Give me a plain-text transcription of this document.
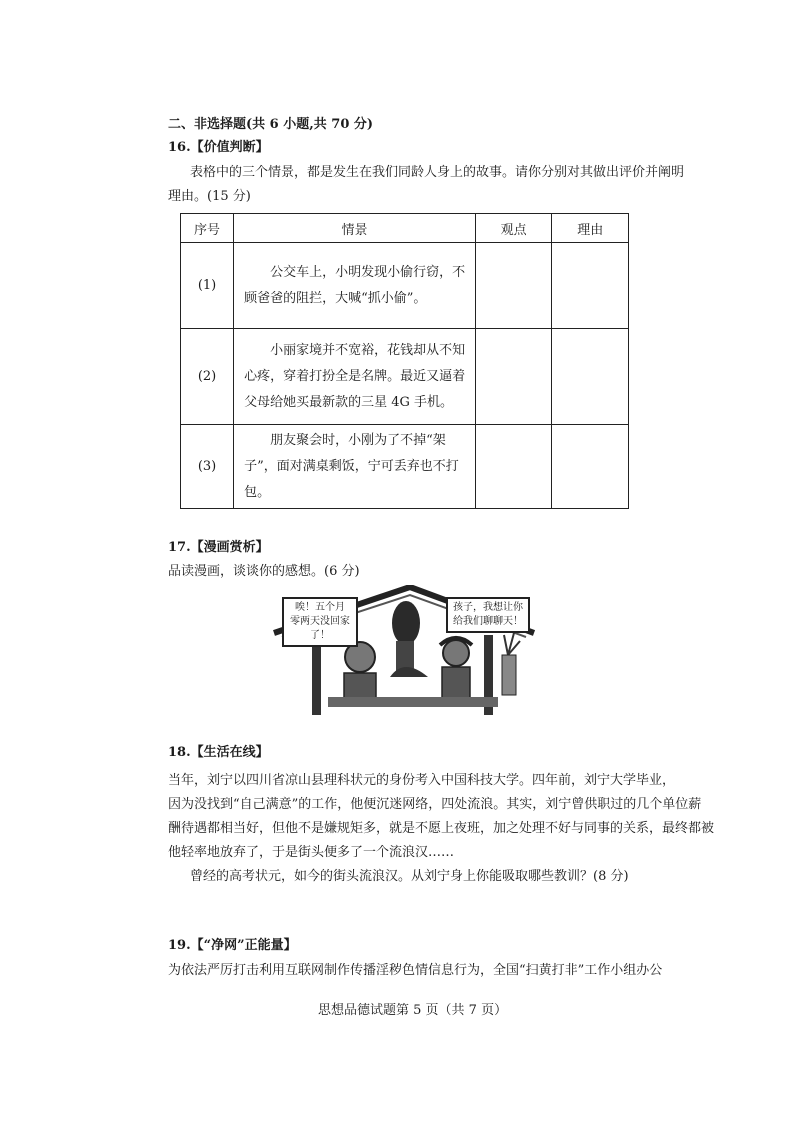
二、非选择题(共 6 小题,共 70 分)
16.【价值判断】
表格中的三个情景，都是发生在我们同龄人身上的故事。请你分别对其做出评价并阐明
理由。(15 分)
序号	情景	观点	理由
(1)	公交车上，小明发现小偷行窃，不顾爸爸的阻拦，大喊“抓小偷”。		
(2)	小丽家境并不宽裕，花钱却从不知心疼，穿着打扮全是名牌。最近又逼着父母给她买最新款的三星 4G 手机。		
(3)	朋友聚会时，小刚为了不掉“架子”，面对满桌剩饭，宁可丢弃也不打包。		
17.【漫画赏析】
品读漫画，谈谈你的感想。(6 分)
唉！五个月
零两天没回家了！
孩子，我想让你
给我们聊聊天！
18.【生活在线】
当年，刘宁以四川省凉山县理科状元的身份考入中国科技大学。四年前，刘宁大学毕业，
因为没找到“自己满意”的工作，他便沉迷网络，四处流浪。其实，刘宁曾供职过的几个单位薪
酬待遇都相当好，但他不是嫌规矩多，就是不愿上夜班，加之处理不好与同事的关系，最终都被
他轻率地放弃了，于是街头便多了一个流浪汉……
曾经的高考状元，如今的街头流浪汉。从刘宁身上你能吸取哪些教训？(8 分)
19.【“净网”正能量】
为依法严厉打击利用互联网制作传播淫秽色情信息行为，全国“扫黄打非”工作小组办公
思想品德试题第 5 页（共 7 页）
